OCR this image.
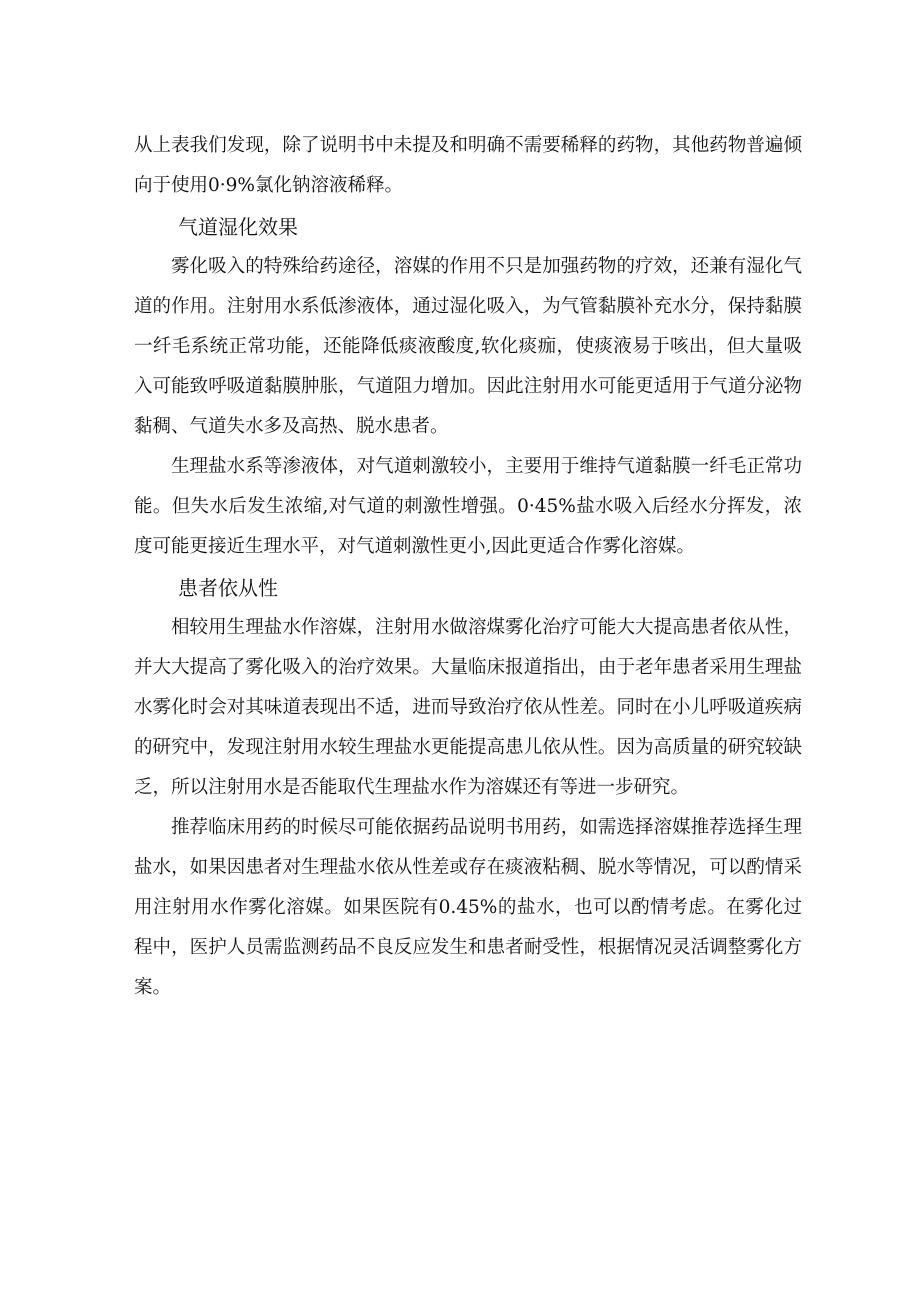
从上表我们发现，除了说明书中未提及和明确不需要稀释的药物，其他药物普遍倾向于使用0·9%氯化钠溶液稀释。

气道湿化效果

雾化吸入的特殊给药途径，溶媒的作用不只是加强药物的疗效，还兼有湿化气道的作用。注射用水系低渗液体，通过湿化吸入，为气管黏膜补充水分，保持黏膜一纤毛系统正常功能，还能降低痰液酸度,软化痰痂，使痰液易于咳出，但大量吸入可能致呼吸道黏膜肿胀，气道阻力增加。因此注射用水可能更适用于气道分泌物黏稠、气道失水多及高热、脱水患者。

生理盐水系等渗液体，对气道刺激较小，主要用于维持气道黏膜一纤毛正常功能。但失水后发生浓缩,对气道的刺激性增强。0·45%盐水吸入后经水分挥发，浓度可能更接近生理水平，对气道刺激性更小,因此更适合作雾化溶媒。

患者依从性

相较用生理盐水作溶媒，注射用水做溶煤雾化治疗可能大大提高患者依从性，并大大提高了雾化吸入的治疗效果。大量临床报道指出，由于老年患者采用生理盐水雾化时会对其味道表现出不适，进而导致治疗依从性差。同时在小儿呼吸道疾病的研究中，发现注射用水较生理盐水更能提高患儿依从性。因为高质量的研究较缺乏，所以注射用水是否能取代生理盐水作为溶媒还有等进一步研究。

推荐临床用药的时候尽可能依据药品说明书用药，如需选择溶媒推荐选择生理盐水，如果因患者对生理盐水依从性差或存在痰液粘稠、脱水等情况，可以酌情采用注射用水作雾化溶媒。如果医院有0.45%的盐水，也可以酌情考虑。在雾化过程中，医护人员需监测药品不良反应发生和患者耐受性，根据情况灵活调整雾化方案。
